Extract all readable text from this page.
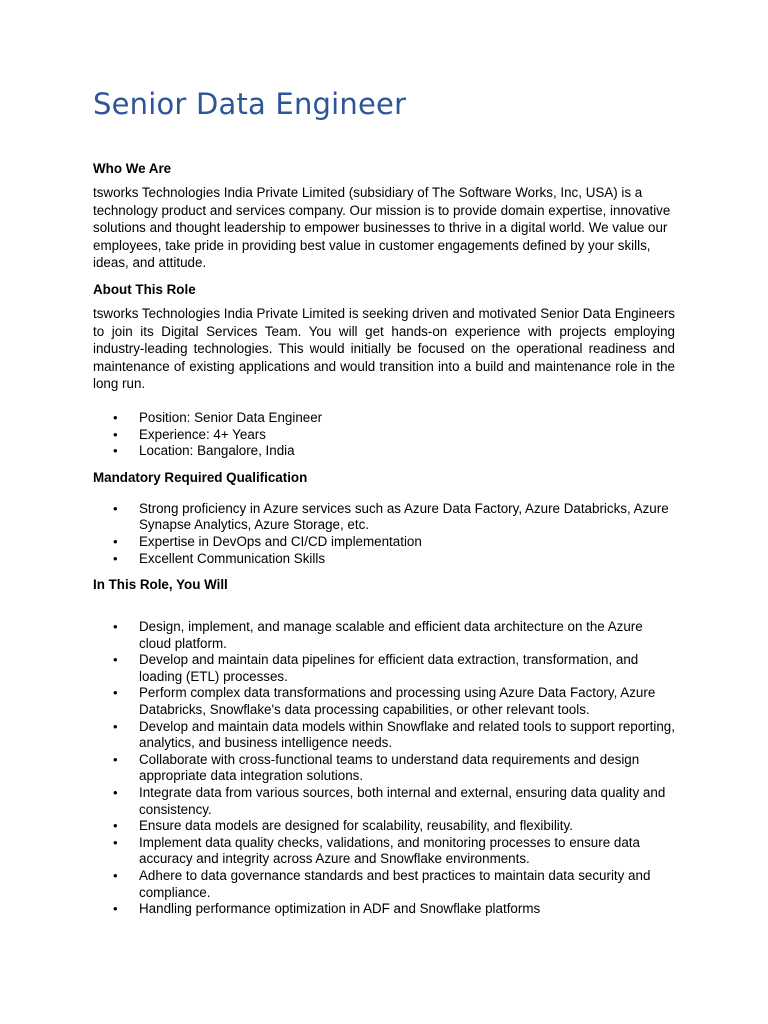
Senior Data Engineer
Who We Are

tsworks Technologies India Private Limited (subsidiary of The Software Works, Inc, USA) is a technology product and services company. Our mission is to provide domain expertise, innovative solutions and thought leadership to empower businesses to thrive in a digital world. We value our employees, take pride in providing best value in customer engagements defined by your skills, ideas, and attitude.

About This Role

tsworks Technologies India Private Limited is seeking driven and motivated Senior Data Engineers to join its Digital Services Team. You will get hands-on experience with projects employing industry-leading technologies. This would initially be focused on the operational readiness and maintenance of existing applications and would transition into a build and maintenance role in the long run.

• Position: Senior Data Engineer
• Experience: 4+ Years
• Location: Bangalore, India
Mandatory Required Qualification
• Strong proficiency in Azure services such as Azure Data Factory, Azure Databricks, Azure Synapse Analytics, Azure Storage, etc.
• Expertise in DevOps and CI/CD implementation
• Excellent Communication Skills
In This Role, You Will
• Design, implement, and manage scalable and efficient data architecture on the Azure cloud platform.
• Develop and maintain data pipelines for efficient data extraction, transformation, and loading (ETL) processes.
• Perform complex data transformations and processing using Azure Data Factory, Azure Databricks, Snowflake's data processing capabilities, or other relevant tools.
• Develop and maintain data models within Snowflake and related tools to support reporting, analytics, and business intelligence needs.
• Collaborate with cross-functional teams to understand data requirements and design appropriate data integration solutions.
• Integrate data from various sources, both internal and external, ensuring data quality and consistency.
• Ensure data models are designed for scalability, reusability, and flexibility.
• Implement data quality checks, validations, and monitoring processes to ensure data accuracy and integrity across Azure and Snowflake environments.
• Adhere to data governance standards and best practices to maintain data security and compliance.
• Handling performance optimization in ADF and Snowflake platforms
